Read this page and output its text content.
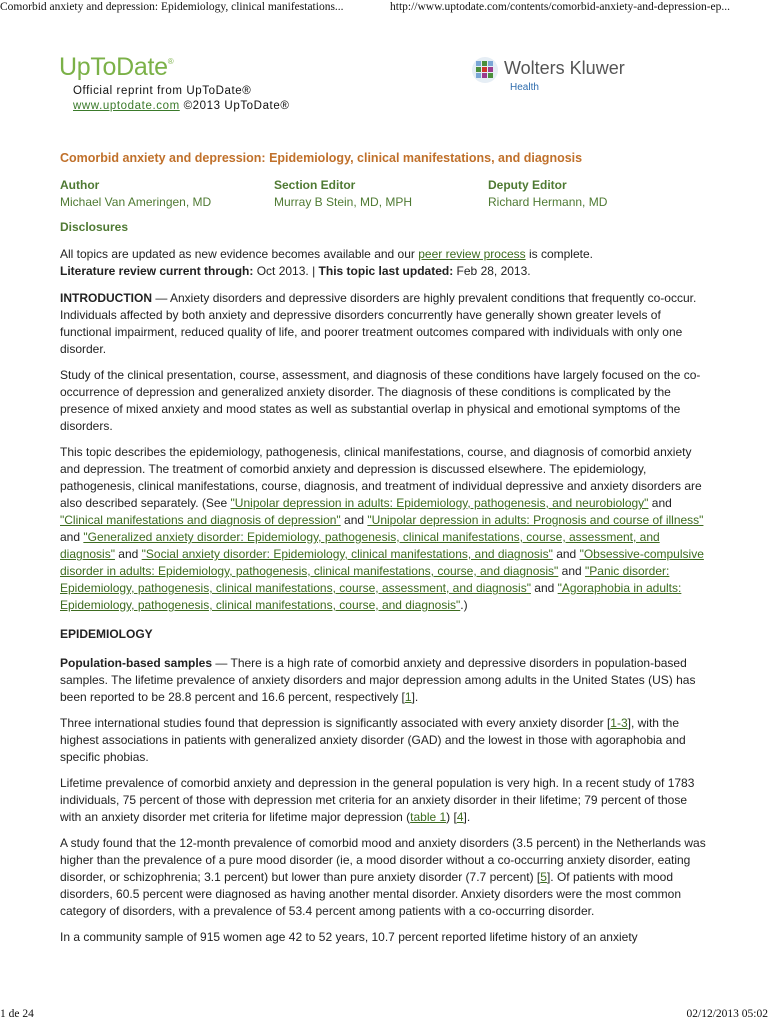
Comorbid anxiety and depression: Epidemiology, clinical manifestations...	http://www.uptodate.com/contents/comorbid-anxiety-and-depression-ep...
UpToDate®
Official reprint from UpToDate®
www.uptodate.com ©2013 UpToDate®
Wolters Kluwer
Health
Comorbid anxiety and depression: Epidemiology, clinical manifestations, and diagnosis
Author
Michael Van Ameringen, MD
Section Editor
Murray B Stein, MD, MPH
Deputy Editor
Richard Hermann, MD
Disclosures

All topics are updated as new evidence becomes available and our peer review process is complete.
Literature review current through: Oct 2013. | This topic last updated: Feb 28, 2013.

INTRODUCTION — Anxiety disorders and depressive disorders are highly prevalent conditions that frequently co-occur. Individuals affected by both anxiety and depressive disorders concurrently have generally shown greater levels of functional impairment, reduced quality of life, and poorer treatment outcomes compared with individuals with only one disorder.

Study of the clinical presentation, course, assessment, and diagnosis of these conditions have largely focused on the co-occurrence of depression and generalized anxiety disorder. The diagnosis of these conditions is complicated by the presence of mixed anxiety and mood states as well as substantial overlap in physical and emotional symptoms of the disorders.

This topic describes the epidemiology, pathogenesis, clinical manifestations, course, and diagnosis of comorbid anxiety and depression. The treatment of comorbid anxiety and depression is discussed elsewhere. The epidemiology, pathogenesis, clinical manifestations, course, diagnosis, and treatment of individual depressive and anxiety disorders are also described separately. (See "Unipolar depression in adults: Epidemiology, pathogenesis, and neurobiology" and "Clinical manifestations and diagnosis of depression" and "Unipolar depression in adults: Prognosis and course of illness" and "Generalized anxiety disorder: Epidemiology, pathogenesis, clinical manifestations, course, assessment, and diagnosis" and "Social anxiety disorder: Epidemiology, clinical manifestations, and diagnosis" and "Obsessive-compulsive disorder in adults: Epidemiology, pathogenesis, clinical manifestations, course, and diagnosis" and "Panic disorder: Epidemiology, pathogenesis, clinical manifestations, course, assessment, and diagnosis" and "Agoraphobia in adults: Epidemiology, pathogenesis, clinical manifestations, course, and diagnosis".)

EPIDEMIOLOGY

Population-based samples — There is a high rate of comorbid anxiety and depressive disorders in population-based samples. The lifetime prevalence of anxiety disorders and major depression among adults in the United States (US) has been reported to be 28.8 percent and 16.6 percent, respectively [1].

Three international studies found that depression is significantly associated with every anxiety disorder [1-3], with the highest associations in patients with generalized anxiety disorder (GAD) and the lowest in those with agoraphobia and specific phobias.

Lifetime prevalence of comorbid anxiety and depression in the general population is very high. In a recent study of 1783 individuals, 75 percent of those with depression met criteria for an anxiety disorder in their lifetime; 79 percent of those with an anxiety disorder met criteria for lifetime major depression (table 1) [4].

A study found that the 12-month prevalence of comorbid mood and anxiety disorders (3.5 percent) in the Netherlands was higher than the prevalence of a pure mood disorder (ie, a mood disorder without a co-occurring anxiety disorder, eating disorder, or schizophrenia; 3.1 percent) but lower than pure anxiety disorder (7.7 percent) [5]. Of patients with mood disorders, 60.5 percent were diagnosed as having another mental disorder. Anxiety disorders were the most common category of disorders, with a prevalence of 53.4 percent among patients with a co-occurring disorder.

In a community sample of 915 women age 42 to 52 years, 10.7 percent reported lifetime history of an anxiety

1 de 24	02/12/2013 05:02
